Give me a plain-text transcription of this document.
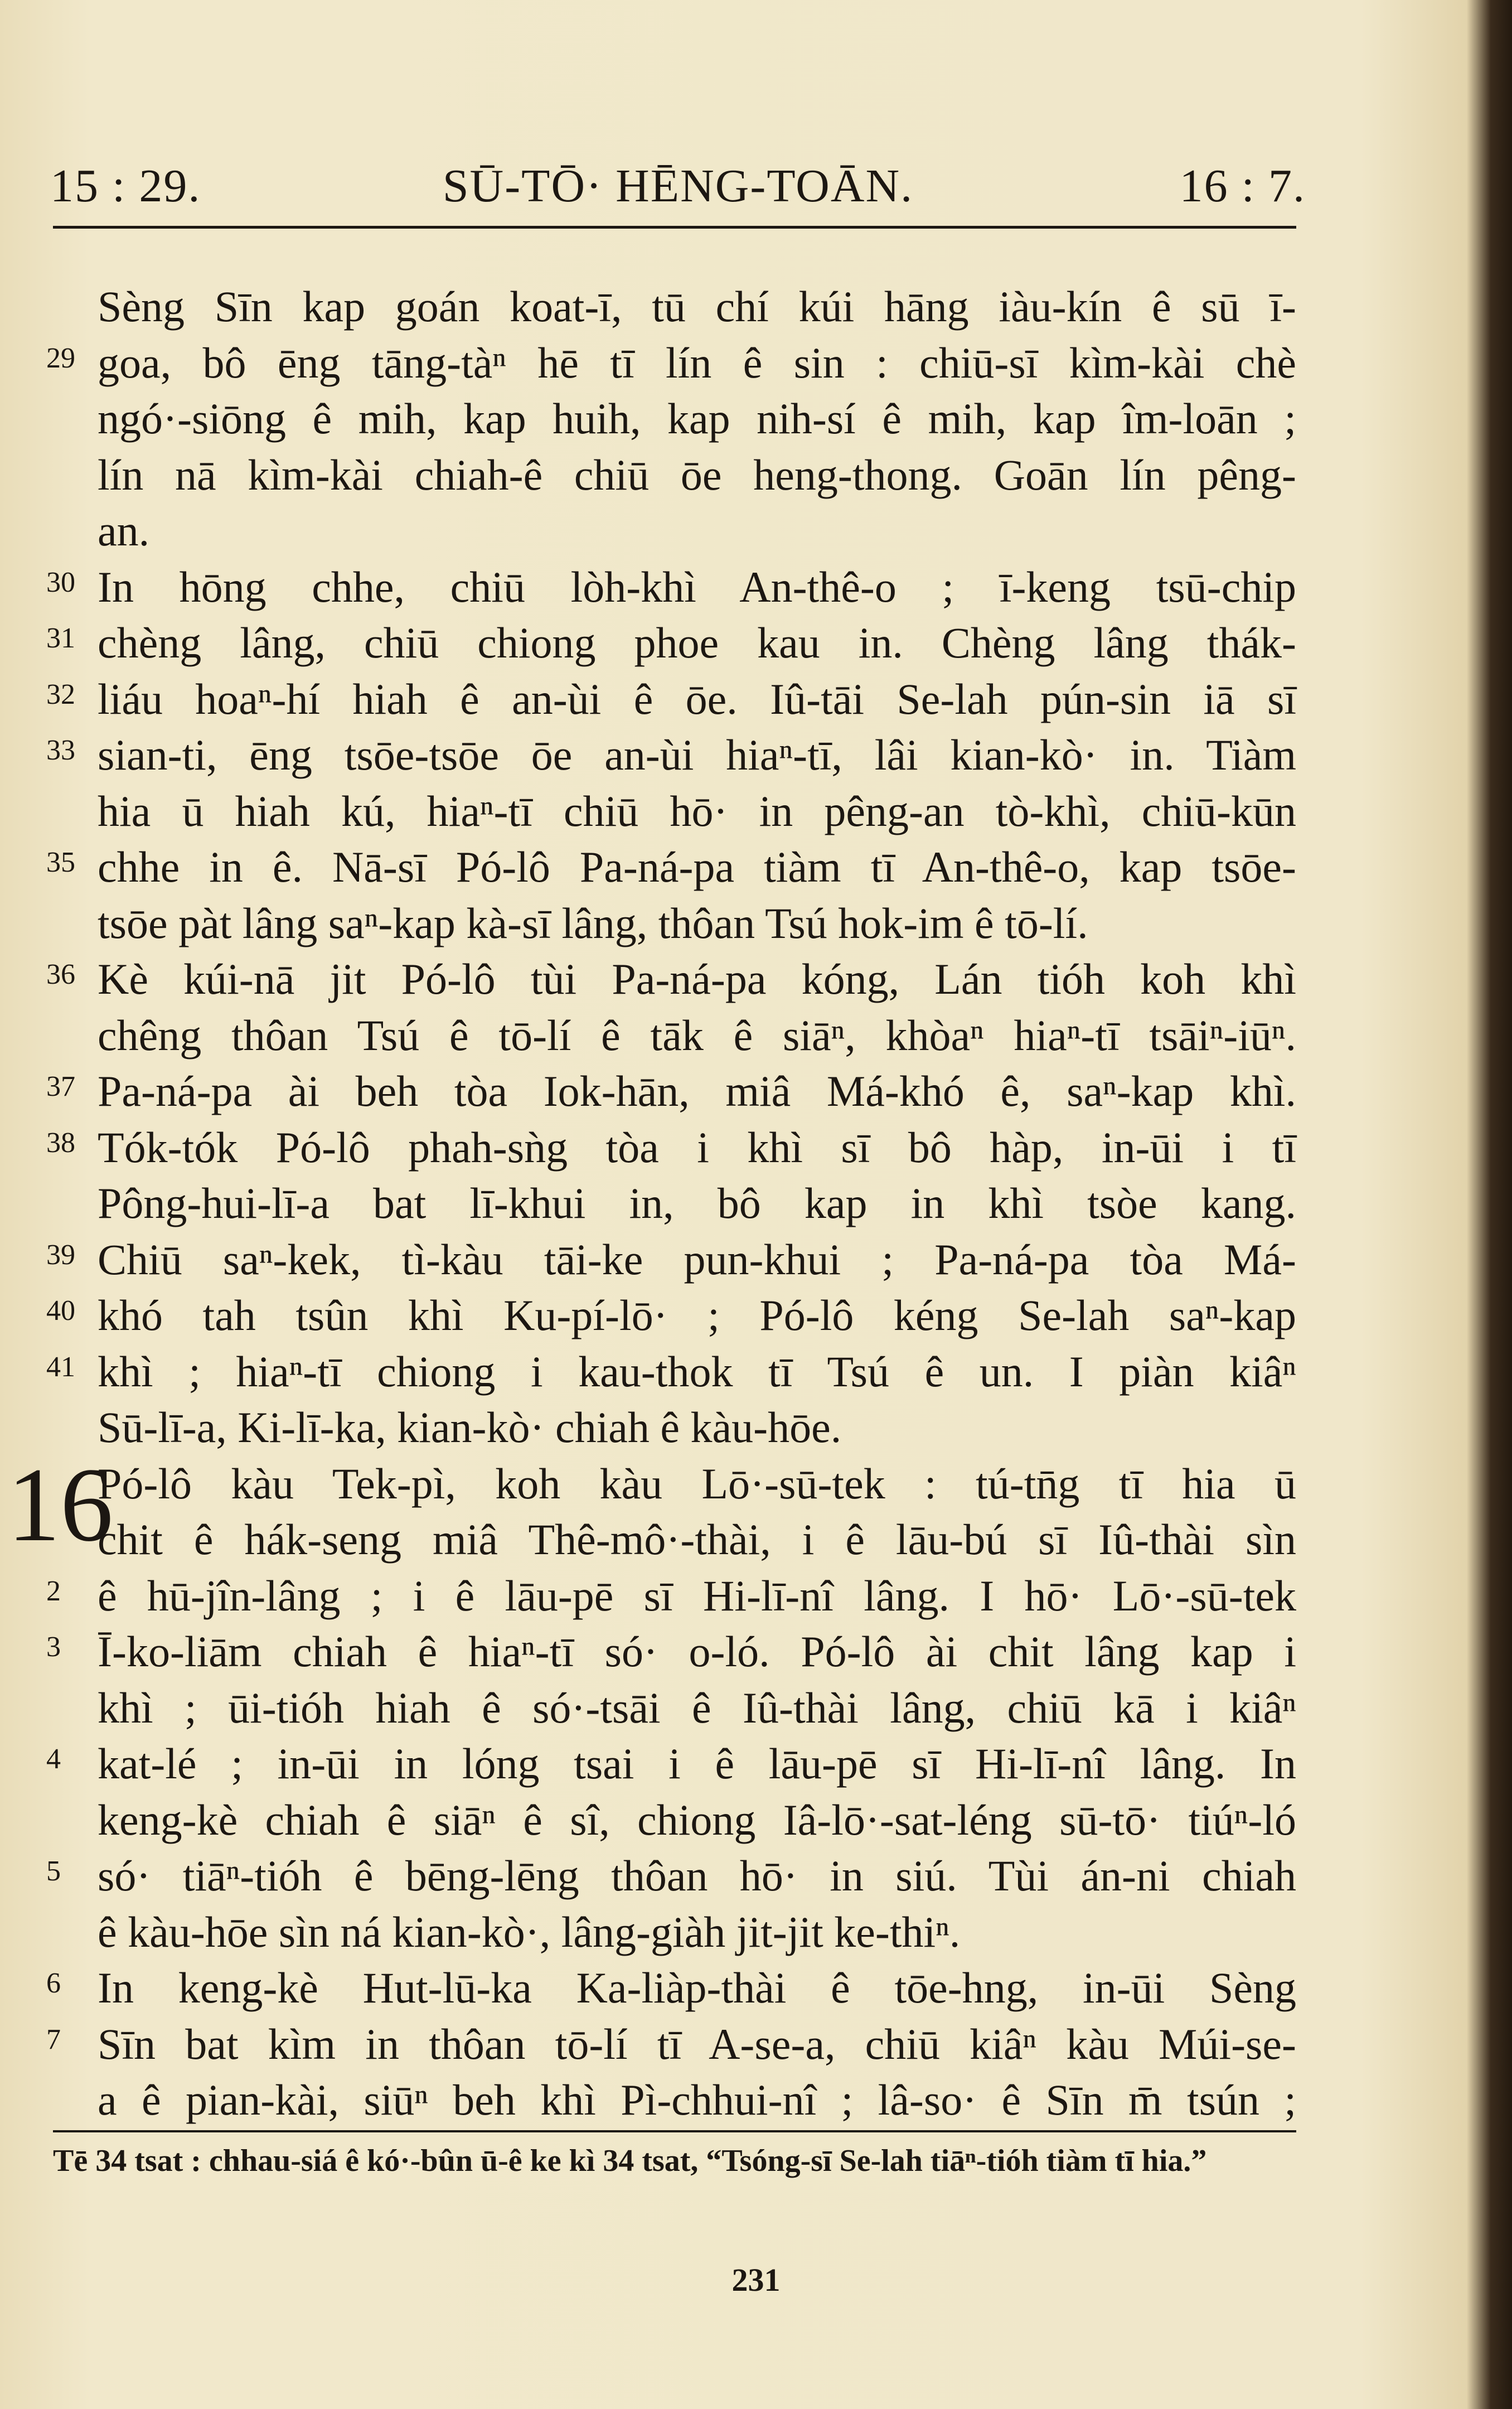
15 : 29.	SŪ-TŌ· HĒNG-TOĀN.	16 : 7.
Sèng Sīn kap goán koat-ī, tū chí kúi hāng iàu-kín ê sū ī-
29 goa, bô ēng tāng-tàⁿ hē tī lín ê sin : chiū-sī kìm-kài chè
ngó·-siōng ê mih, kap huih, kap nih-sí ê mih, kap îm-loān ;
lín nā kìm-kài chiah-ê chiū ōe heng-thong. Goān lín pêng-
an.
30 In hōng chhe, chiū lòh-khì An-thê-o ; ī-keng tsū-chip
31 chèng lâng, chiū chiong phoe kau in. Chèng lâng thák-
32 liáu hoaⁿ-hí hiah ê an-ùi ê ōe. Iû-tāi Se-lah pún-sin iā sī
33 sian-ti, ēng tsōe-tsōe ōe an-ùi hiaⁿ-tī, lâi kian-kò· in. Tiàm
hia ū hiah kú, hiaⁿ-tī chiū hō· in pêng-an tò-khì, chiū-kūn
35 chhe in ê. Nā-sī Pó-lô Pa-ná-pa tiàm tī An-thê-o, kap tsōe-
tsōe pàt lâng saⁿ-kap kà-sī lâng, thôan Tsú hok-im ê tō-lí.
36 Kè kúi-nā jit Pó-lô tùi Pa-ná-pa kóng, Lán tióh koh khì
chêng thôan Tsú ê tō-lí ê tāk ê siāⁿ, khòaⁿ hiaⁿ-tī tsāiⁿ-iūⁿ.
37 Pa-ná-pa ài beh tòa Iok-hān, miâ Má-khó ê, saⁿ-kap khì.
38 Tók-tók Pó-lô phah-sǹg tòa i khì sī bô hàp, in-ūi i tī
Pông-hui-lī-a bat lī-khui in, bô kap in khì tsòe kang.
39 Chiū saⁿ-kek, tì-kàu tāi-ke pun-khui ; Pa-ná-pa tòa Má-
40 khó tah tsûn khì Ku-pí-lō· ; Pó-lô kéng Se-lah saⁿ-kap
41 khì ; hiaⁿ-tī chiong i kau-thok tī Tsú ê un. I piàn kiâⁿ
Sū-lī-a, Ki-lī-ka, kian-kò· chiah ê kàu-hōe.
16
Pó-lô kàu Tek-pì, koh kàu Lō·-sū-tek : tú-tn̄g tī hia ū
chit ê hák-seng miâ Thê-mô·-thài, i ê lāu-bú sī Iû-thài sìn
2 ê hū-jîn-lâng ; i ê lāu-pē sī Hi-lī-nî lâng. I hō· Lō·-sū-tek
3 Ī-ko-liām chiah ê hiaⁿ-tī só· o-ló. Pó-lô ài chit lâng kap i
khì ; ūi-tióh hiah ê só·-tsāi ê Iû-thài lâng, chiū kā i kiâⁿ
4 kat-lé ; in-ūi in lóng tsai i ê lāu-pē sī Hi-lī-nî lâng. In
keng-kè chiah ê siāⁿ ê sî, chiong Iâ-lō·-sat-léng sū-tō· tiúⁿ-ló
5 só· tiāⁿ-tióh ê bēng-lēng thôan hō· in siú. Tùi án-ni chiah
ê kàu-hōe sìn ná kian-kò·, lâng-giàh jit-jit ke-thiⁿ.
6 In keng-kè Hut-lū-ka Ka-liàp-thài ê tōe-hng, in-ūi Sèng
7 Sīn bat kìm in thôan tō-lí tī A-se-a, chiū kiâⁿ kàu Múi-se-
a ê pian-kài, siūⁿ beh khì Pì-chhui-nî ; lâ-so· ê Sīn m̄ tsún ;
Tē 34 tsat : chhau-siá ê kó·-bûn ū-ê ke kì 34 tsat, “Tsóng-sī Se-lah tiāⁿ-tióh tiàm tī hia.”
231
